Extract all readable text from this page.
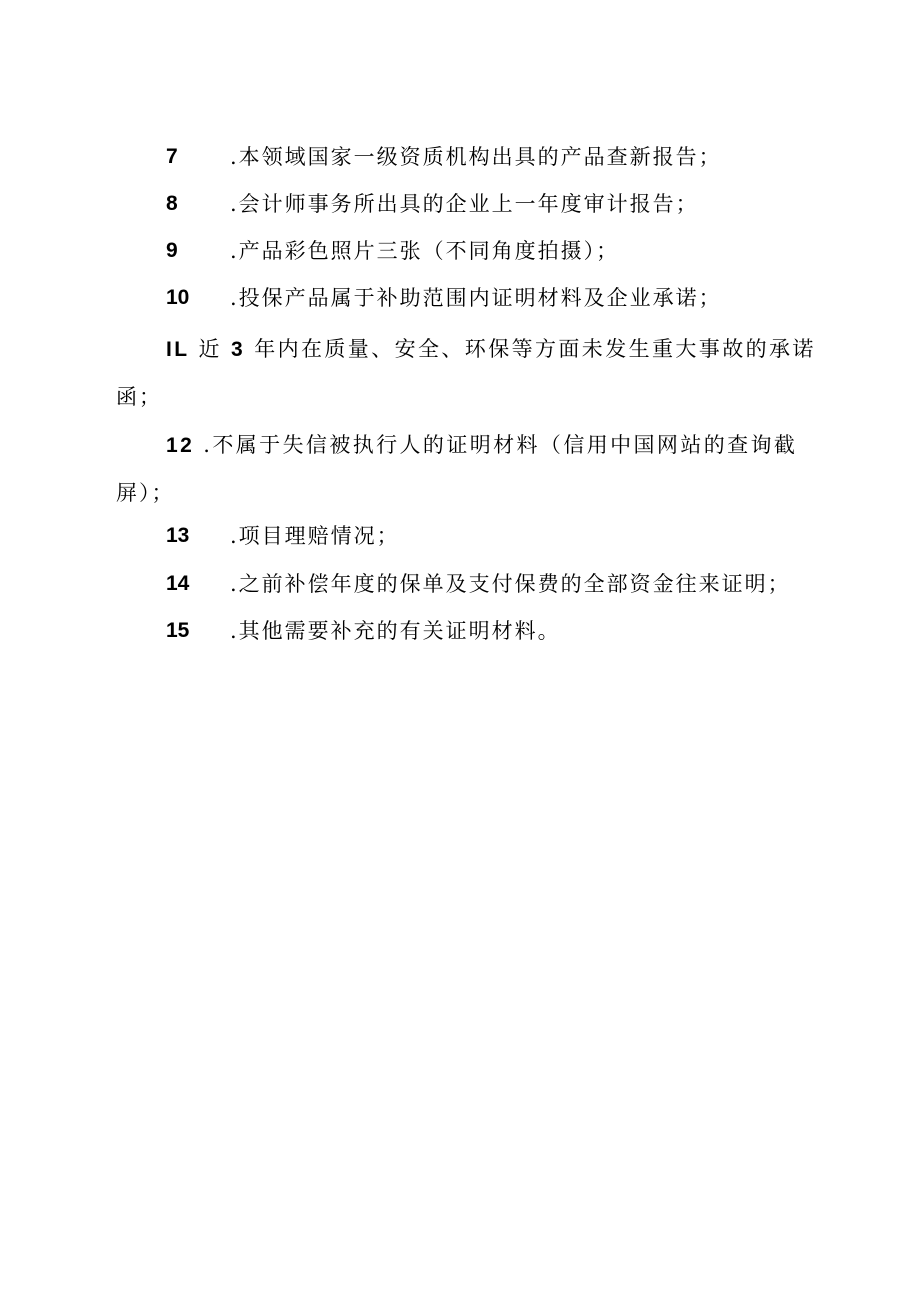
7 .本领域国家一级资质机构出具的产品查新报告；
8 .会计师事务所出具的企业上一年度审计报告；
9 .产品彩色照片三张（不同角度拍摄）；
10 .投保产品属于补助范围内证明材料及企业承诺；
IL 近 3 年内在质量、安全、环保等方面未发生重大事故的承诺
函；
12 .不属于失信被执行人的证明材料（信用中国网站的查询截
屏）；
13 .项目理赔情况；
14 .之前补偿年度的保单及支付保费的全部资金往来证明；
15 .其他需要补充的有关证明材料。
